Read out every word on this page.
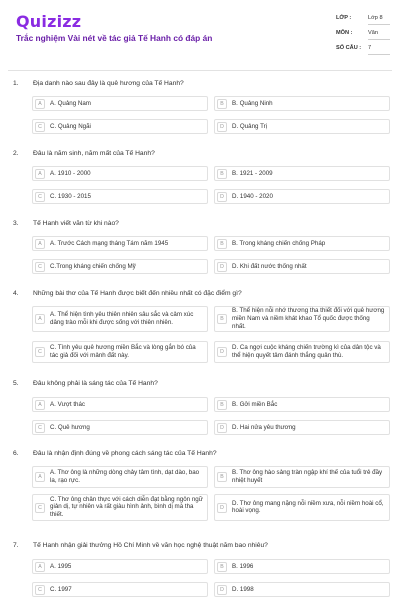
Quizizz
Trắc nghiệm Vài nét về tác giả Tế Hanh có đáp án
LỚP :	Lớp 8
MÔN :	Văn
SỐ CÂU : 7
1. Địa danh nào sau đây là quê hương của Tế Hanh?
A	A. Quảng Nam	B	B. Quảng Ninh
C	C. Quảng Ngãi	D	D. Quảng Trị
2. Đâu là năm sinh, năm mất của Tế Hanh?
A	A. 1910 - 2000	B	B. 1921 - 2009
C	C. 1930 - 2015	D	D. 1940 - 2020
3. Tế Hanh viết văn từ khi nào?
A	A. Trước Cách mạng tháng Tám năm 1945	B	B. Trong kháng chiến chống Pháp
C	C.Trong kháng chiến chống Mỹ	D	D. Khi đất nước thống nhất
4. Những bài thơ của Tế Hanh được biết đến nhiều nhất có đặc điểm gì?
A
A. Thể hiện tình yêu thiên nhiên sâu sắc và cảm xúc dâng trào mỗi khi được sống với thiên nhiên.	B
B. Thể hiện nỗi nhớ thương tha thiết đối với quê hương miền Nam và niềm khát khao Tổ quốc được thống nhất.
C
C. Tình yêu quê hương miền Bắc và lòng gắn bó của tác giả đối với mảnh đất này.	D
D. Ca ngợi cuộc kháng chiến trường kì của dân tộc và thể hiện quyết tâm đánh thắng quân thù.
5. Đâu không phải là sáng tác của Tế Hanh?
A	A. Vượt thác	B	B. Gởi miền Bắc
C	C. Quê hương	D	D. Hai nửa yêu thương
6. Đâu là nhận định đúng về phong cách sáng tác của Tế Hanh?
A
A. Thơ ông là những dòng chảy tâm tình, dạt dào, bao la, rạo rực.	B
B. Thơ ông hào sảng tràn ngập khí thế của tuổi trẻ đầy nhiệt huyết
C
C. Thơ ông chân thực với cách diễn đạt bằng ngôn ngữ giản dị, tự nhiên và rất giàu hình ảnh, bình dị mà tha thiết.
D
D. Thơ ông mang nặng nỗi niềm xưa, nỗi niềm hoài cổ, hoài vọng.
7. Tế Hanh nhận giải thưởng Hồ Chí Minh về văn học nghệ thuật năm bao nhiêu?
A	A. 1995	B	B. 1996
C	C. 1997	D	D. 1998
